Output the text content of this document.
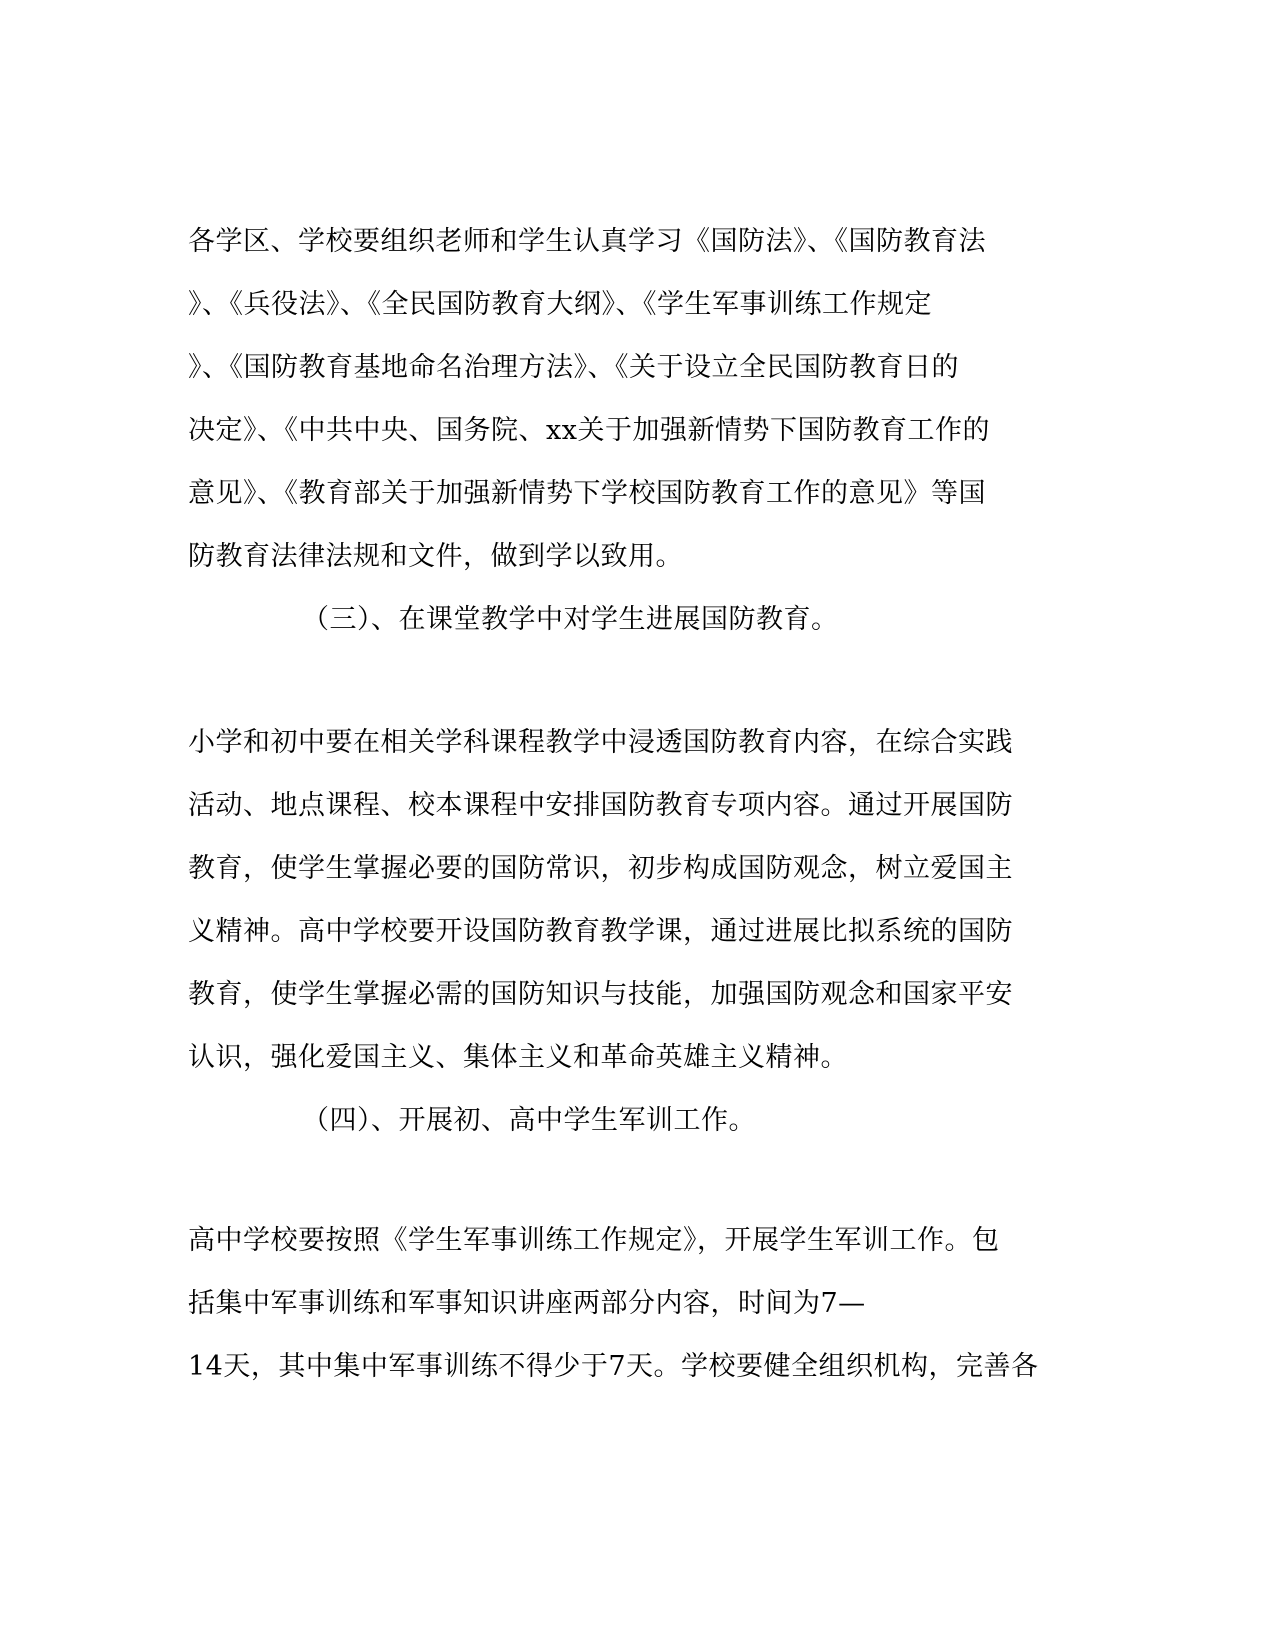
各学区、学校要组织老师和学生认真学习《国防法》、《国防教育法
》、《兵役法》、《全民国防教育大纲》、《学生军事训练工作规定
》、《国防教育基地命名治理方法》、《关于设立全民国防教育日的
决定》、《中共中央、国务院、xx关于加强新情势下国防教育工作的
意见》、《教育部关于加强新情势下学校国防教育工作的意见》等国
防教育法律法规和文件，做到学以致用。
（三）、在课堂教学中对学生进展国防教育。
小学和初中要在相关学科课程教学中浸透国防教育内容，在综合实践
活动、地点课程、校本课程中安排国防教育专项内容。通过开展国防
教育，使学生掌握必要的国防常识，初步构成国防观念，树立爱国主
义精神。高中学校要开设国防教育教学课，通过进展比拟系统的国防
教育，使学生掌握必需的国防知识与技能，加强国防观念和国家平安
认识，强化爱国主义、集体主义和革命英雄主义精神。
（四）、开展初、高中学生军训工作。
高中学校要按照《学生军事训练工作规定》，开展学生军训工作。包
括集中军事训练和军事知识讲座两部分内容，时间为7—
14天，其中集中军事训练不得少于7天。学校要健全组织机构，完善各
